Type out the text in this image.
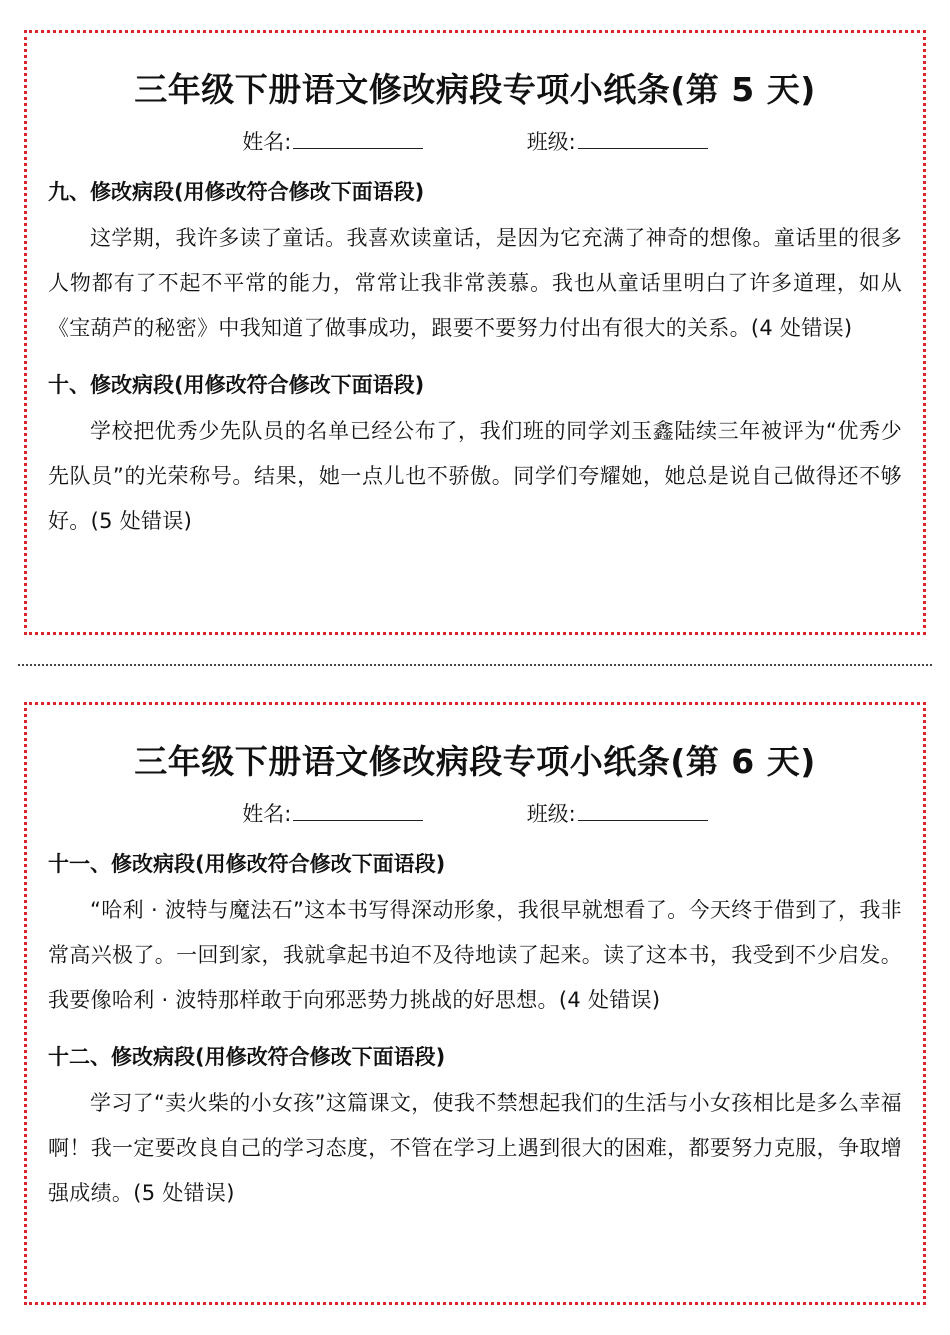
三年级下册语文修改病段专项小纸条(第 5 天)
姓名:	班级:
九、修改病段(用修改符合修改下面语段)
这学期，我许多读了童话。我喜欢读童话，是因为它充满了神奇的想像。童话里的很多人物都有了不起不平常的能力，常常让我非常羡慕。我也从童话里明白了许多道理，如从《宝葫芦的秘密》中我知道了做事成功，跟要不要努力付出有很大的关系。(4 处错误)
十、修改病段(用修改符合修改下面语段)
学校把优秀少先队员的名单已经公布了，我们班的同学刘玉鑫陆续三年被评为“优秀少先队员”的光荣称号。结果，她一点儿也不骄傲。同学们夸耀她，她总是说自己做得还不够好。(5 处错误)
三年级下册语文修改病段专项小纸条(第 6 天)
姓名:	班级:
十一、修改病段(用修改符合修改下面语段)
“哈利 · 波特与魔法石”这本书写得深动形象，我很早就想看了。今天终于借到了，我非常高兴极了。一回到家，我就拿起书迫不及待地读了起来。读了这本书，我受到不少启发。我要像哈利 · 波特那样敢于向邪恶势力挑战的好思想。(4 处错误)
十二、修改病段(用修改符合修改下面语段)
学习了“卖火柴的小女孩”这篇课文，使我不禁想起我们的生活与小女孩相比是多么幸福啊！我一定要改良自己的学习态度，不管在学习上遇到很大的困难，都要努力克服，争取增强成绩。(5 处错误)
